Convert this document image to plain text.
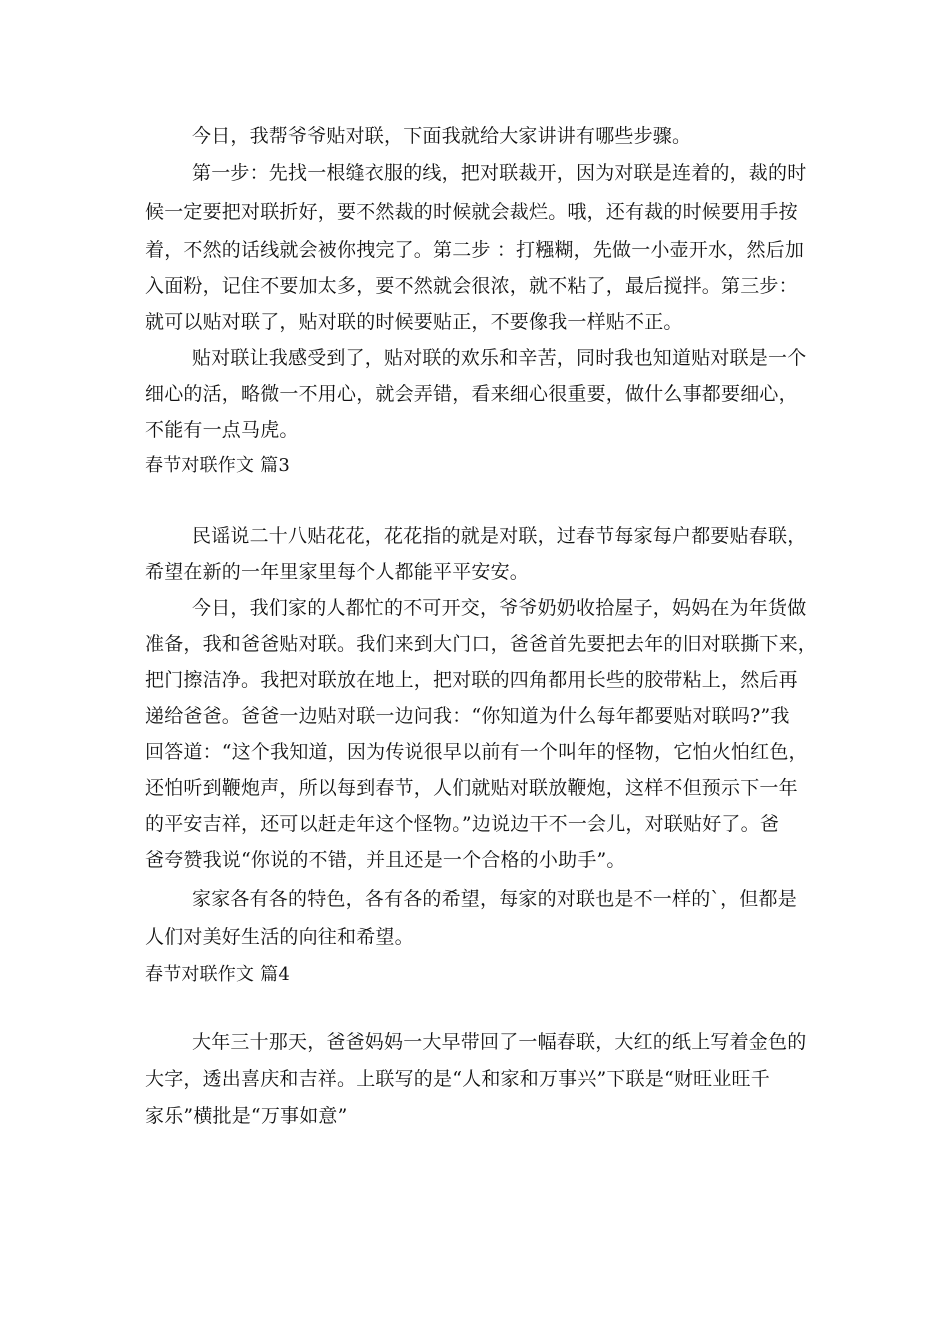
今日，我帮爷爷贴对联，下面我就给大家讲讲有哪些步骤。
第一步：先找一根缝衣服的线，把对联裁开，因为对联是连着的，裁的时
候一定要把对联折好，要不然裁的时候就会裁烂。哦，还有裁的时候要用手按
着，不然的话线就会被你拽完了。第二步 ：打糨糊，先做一小壶开水，然后加
入面粉，记住不要加太多，要不然就会很浓，就不粘了，最后搅拌。第三步：
就可以贴对联了，贴对联的时候要贴正，不要像我一样贴不正。
贴对联让我感受到了，贴对联的欢乐和辛苦，同时我也知道贴对联是一个
细心的活，略微一不用心，就会弄错，看来细心很重要，做什么事都要细心，
不能有一点马虎。
春节对联作文 篇3
民谣说二十八贴花花，花花指的就是对联，过春节每家每户都要贴春联，
希望在新的一年里家里每个人都能平平安安。
今日，我们家的人都忙的不可开交，爷爷奶奶收拾屋子，妈妈在为年货做
准备，我和爸爸贴对联。我们来到大门口，爸爸首先要把去年的旧对联撕下来，
把门擦洁净。我把对联放在地上，把对联的四角都用长些的胶带粘上，然后再
递给爸爸。爸爸一边贴对联一边问我：“你知道为什么每年都要贴对联吗?”我
回答道：“这个我知道，因为传说很早以前有一个叫年的怪物，它怕火怕红色，
还怕听到鞭炮声，所以每到春节，人们就贴对联放鞭炮，这样不但预示下一年
的平安吉祥，还可以赶走年这个怪物。”边说边干不一会儿，对联贴好了。爸
爸夸赞我说“你说的不错，并且还是一个合格的小助手”。
家家各有各的特色，各有各的希望，每家的对联也是不一样的`，但都是
人们对美好生活的向往和希望。
春节对联作文 篇4
大年三十那天，爸爸妈妈一大早带回了一幅春联，大红的纸上写着金色的
大字，透出喜庆和吉祥。上联写的是“人和家和万事兴”下联是“财旺业旺千
家乐”横批是“万事如意”
